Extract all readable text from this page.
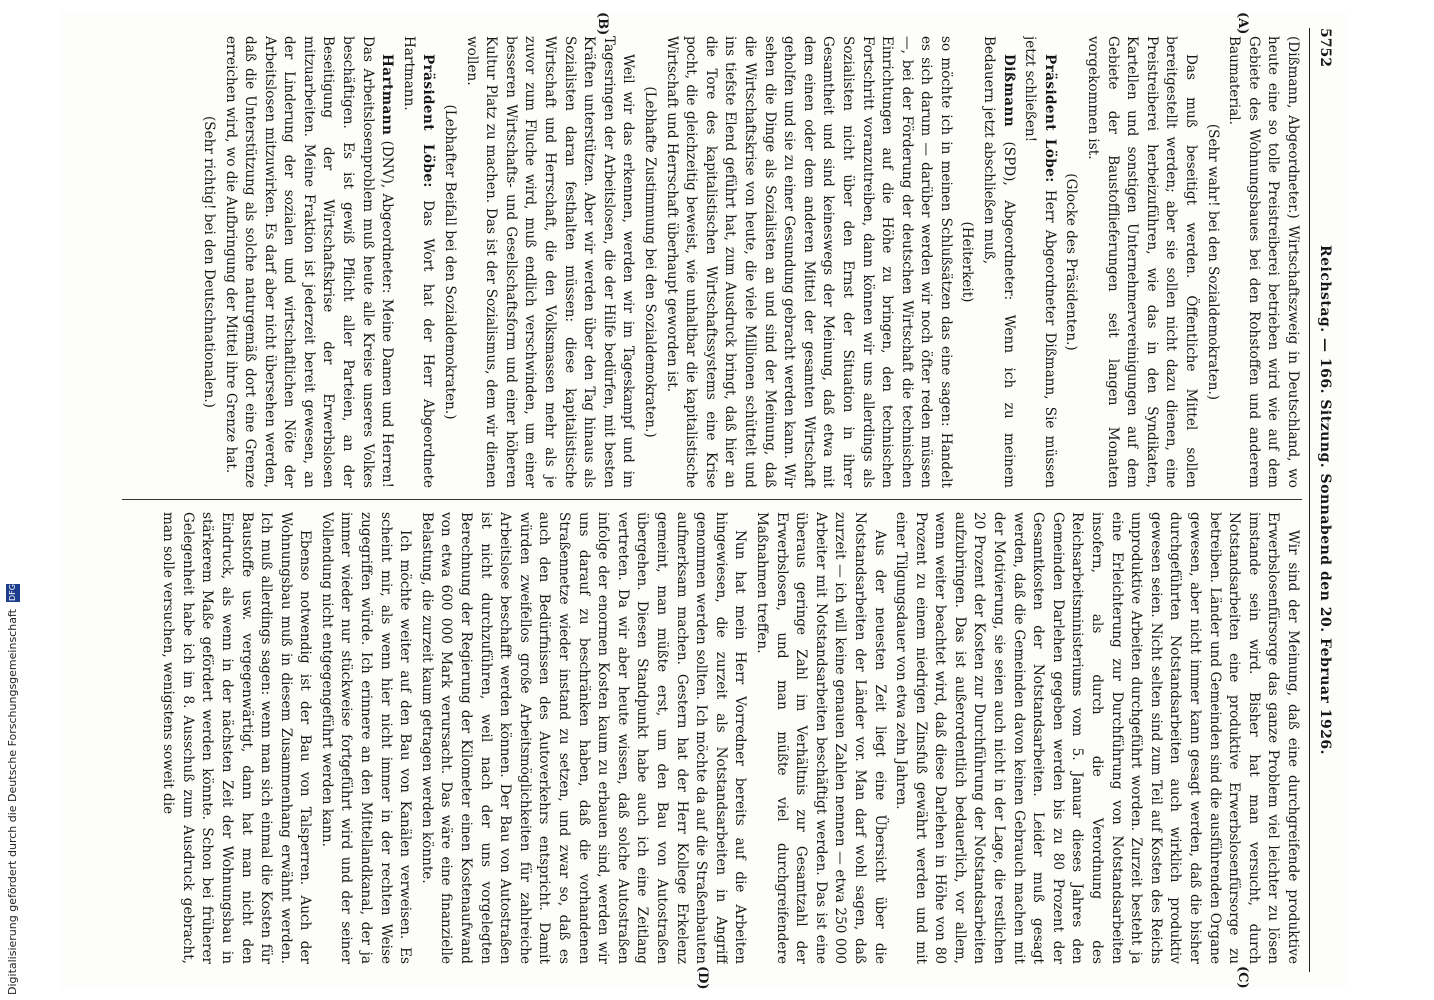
5752
Reichstag. — 166. Sitzung. Sonnabend den 20. Februar 1926.
(A)
(B)
(C)
(D)

(Dißmann, Abgeordneter.) Wirtschaftszweig in Deutschland, wo heute eine so tolle Preistreiberei betrieben wird wie auf dem Gebiete des Wohnungsbaues bei den Rohstoffen und anderem Baumaterial.

(Sehr wahr! bei den Sozialdemokraten.)

Das muß beseitigt werden. Öffentliche Mittel sollen bereitgestellt werden; aber sie sollen nicht dazu dienen, eine Preistreiberei herbeizuführen, wie das in den Syndikaten, Kartellen und sonstigen Unternehmervereinigungen auf dem Gebiete der Baustofflieferungen seit langen Monaten vorgekommen ist.

(Glocke des Präsidenten.)

Präsident Löbe: Herr Abgeordneter Dißmann, Sie müssen jetzt schließen!

Dißmann (SPD), Abgeordneter: Wenn ich zu meinem Bedauern jetzt abschließen muß,

(Heiterkeit)

so möchte ich in meinen Schlußsätzen das eine sagen: Handelt es sich darum — darüber werden wir noch öfter reden müssen —, bei der Förderung der deutschen Wirtschaft die technischen Einrichtungen auf die Höhe zu bringen, den technischen Fortschritt voranzutreiben, dann können wir uns allerdings als Sozialisten nicht über den Ernst der Situation in ihrer Gesamtheit und sind keineswegs der Meinung, daß etwa mit dem einen oder dem anderen Mittel der gesamten Wirtschaft geholfen und sie zu einer Gesundung gebracht werden kann. Wir sehen die Dinge als Sozialisten an und sind der Meinung, daß die Wirtschaftskrise von heute, die viele Millionen schüttelt und ins tiefste Elend geführt hat, zum Ausdruck bringt, daß hier an die Tore des kapitalistischen Wirtschaftssystems eine Krise pocht, die gleichzeitig beweist, wie unhaltbar die kapitalistische Wirtschaft und Herrschaft überhaupt geworden ist.

(Lebhafte Zustimmung bei den Sozialdemokraten.)

Weil wir das erkennen, werden wir im Tageskampf und im Tagesringen der Arbeitslosen, die der Hilfe bedürfen, mit besten Kräften unterstützen. Aber wir werden über den Tag hinaus als Sozialisten daran festhalten müssen: diese kapitalistische Wirtschaft und Herrschaft, die den Volksmassen mehr als je zuvor zum Fluche wird, muß endlich verschwinden, um einer besseren Wirtschafts- und Gesellschaftsform und einer höheren Kultur Platz zu machen. Das ist der Sozialismus, dem wir dienen wollen.

(Lebhafter Beifall bei den Sozialdemokraten.)

Präsident Löbe: Das Wort hat der Herr Abgeordnete Hartmann.

Hartmann (DNV), Abgeordneter: Meine Damen und Herren! Das Arbeitslosenproblem muß heute alle Kreise unseres Volkes beschäftigen. Es ist gewiß Pflicht aller Parteien, an der Beseitigung der Wirtschaftskrise der Erwerbslosen mitzuarbeiten. Meine Fraktion ist jederzeit bereit gewesen, an der Linderung der sozialen und wirtschaftlichen Nöte der Arbeitslosen mitzuwirken. Es darf aber nicht übersehen werden, daß die Unterstützung als solche naturgemäß dort eine Grenze erreichen wird, wo die Aufbringung der Mittel ihre Grenze hat.

(Sehr richtig! bei den Deutschnationalen.)

Wir sind der Meinung, daß eine durchgreifende produktive Erwerbslosenfürsorge das ganze Problem viel leichter zu lösen imstande sein wird. Bisher hat man versucht, durch Notstandsarbeiten eine produktive Erwerbslosenfürsorge zu betreiben. Länder und Gemeinden sind die ausführenden Organe gewesen, aber nicht immer kann gesagt werden, daß die bisher durchgeführten Notstandsarbeiten auch wirklich produktiv gewesen seien. Nicht selten sind zum Teil auf Kosten des Reichs unproduktive Arbeiten durchgeführt worden. Zurzeit besteht ja eine Erleichterung zur Durchführung von Notstandsarbeiten insofern, als durch die Verordnung des Reichsarbeitsministeriums vom 5. Januar dieses Jahres den Gemeinden Darlehen gegeben werden bis zu 80 Prozent der Gesamtkosten der Notstandsarbeiten. Leider muß gesagt werden, daß die Gemeinden davon keinen Gebrauch machen mit der Motivierung, sie seien auch nicht in der Lage, die restlichen 20 Prozent der Kosten zur Durchführung der Notstandsarbeiten aufzubringen. Das ist außerordentlich bedauerlich, vor allem, wenn weiter beachtet wird, daß diese Darlehen in Höhe von 80 Prozent zu einem niedrigen Zinsfuß gewährt werden und mit einer Tilgungsdauer von etwa zehn Jahren.

Aus der neuesten Zeit liegt eine Übersicht über die Notstandsarbeiten der Länder vor. Man darf wohl sagen, daß zurzeit — ich will keine genauen Zahlen nennen — etwa 250 000 Arbeiter mit Notstandsarbeiten beschäftigt werden. Das ist eine überaus geringe Zahl im Verhältnis zur Gesamtzahl der Erwerbslosen, und man müßte viel durchgreifendere Maßnahmen treffen.

Nun hat mein Herr Vorredner bereits auf die Arbeiten hingewiesen, die zurzeit als Notstandsarbeiten in Angriff genommen werden sollten. Ich möchte da auf die Straßenbauten aufmerksam machen. Gestern hat der Herr Kollege Erkelenz gemeint, man müßte erst, um den Bau von Autostraßen übergehen. Diesen Standpunkt habe auch ich eine Zeitlang vertreten. Da wir aber heute wissen, daß solche Autostraßen infolge der enormen Kosten kaum zu erbauen sind, werden wir uns darauf zu beschränken haben, daß die vorhandenen Straßennetze wieder instand zu setzen, und zwar so, daß es auch den Bedürfnissen des Autoverkehrs entspricht. Damit würden zweifellos große Arbeitsmöglichkeiten für zahlreiche Arbeitslose beschafft werden können. Der Bau von Autostraßen ist nicht durchzuführen, weil nach der uns vorgelegten Berechnung der Regierung der Kilometer einen Kostenaufwand von etwa 600 000 Mark verursacht. Das wäre eine finanzielle Belastung, die zurzeit kaum getragen werden könnte.

Ich möchte weiter auf den Bau von Kanälen verweisen. Es scheint mir, als wenn hier nicht immer in der rechten Weise zugegriffen würde. Ich erinnere an den Mittellandkanal, der ja immer wieder nur stückweise fortgeführt wird und der seiner Vollendung nicht entgegengeführt werden kann.

Ebenso notwendig ist der Bau von Talsperren. Auch der Wohnungsbau muß in diesem Zusammenhang erwähnt werden. Ich muß allerdings sagen: wenn man sich einmal die Kosten für Baustoffe usw. vergegenwärtigt, dann hat man nicht den Eindruck, als wenn in der nächsten Zeit der Wohnungsbau in stärkerem Maße gefördert werden könnte. Schon bei früherer Gelegenheit habe ich im 8. Ausschuß zum Ausdruck gebracht, man solle versuchen, wenigstens soweit die

Digitalisierung gefördert durch die Deutsche Forschungsgemeinschaft DFG
